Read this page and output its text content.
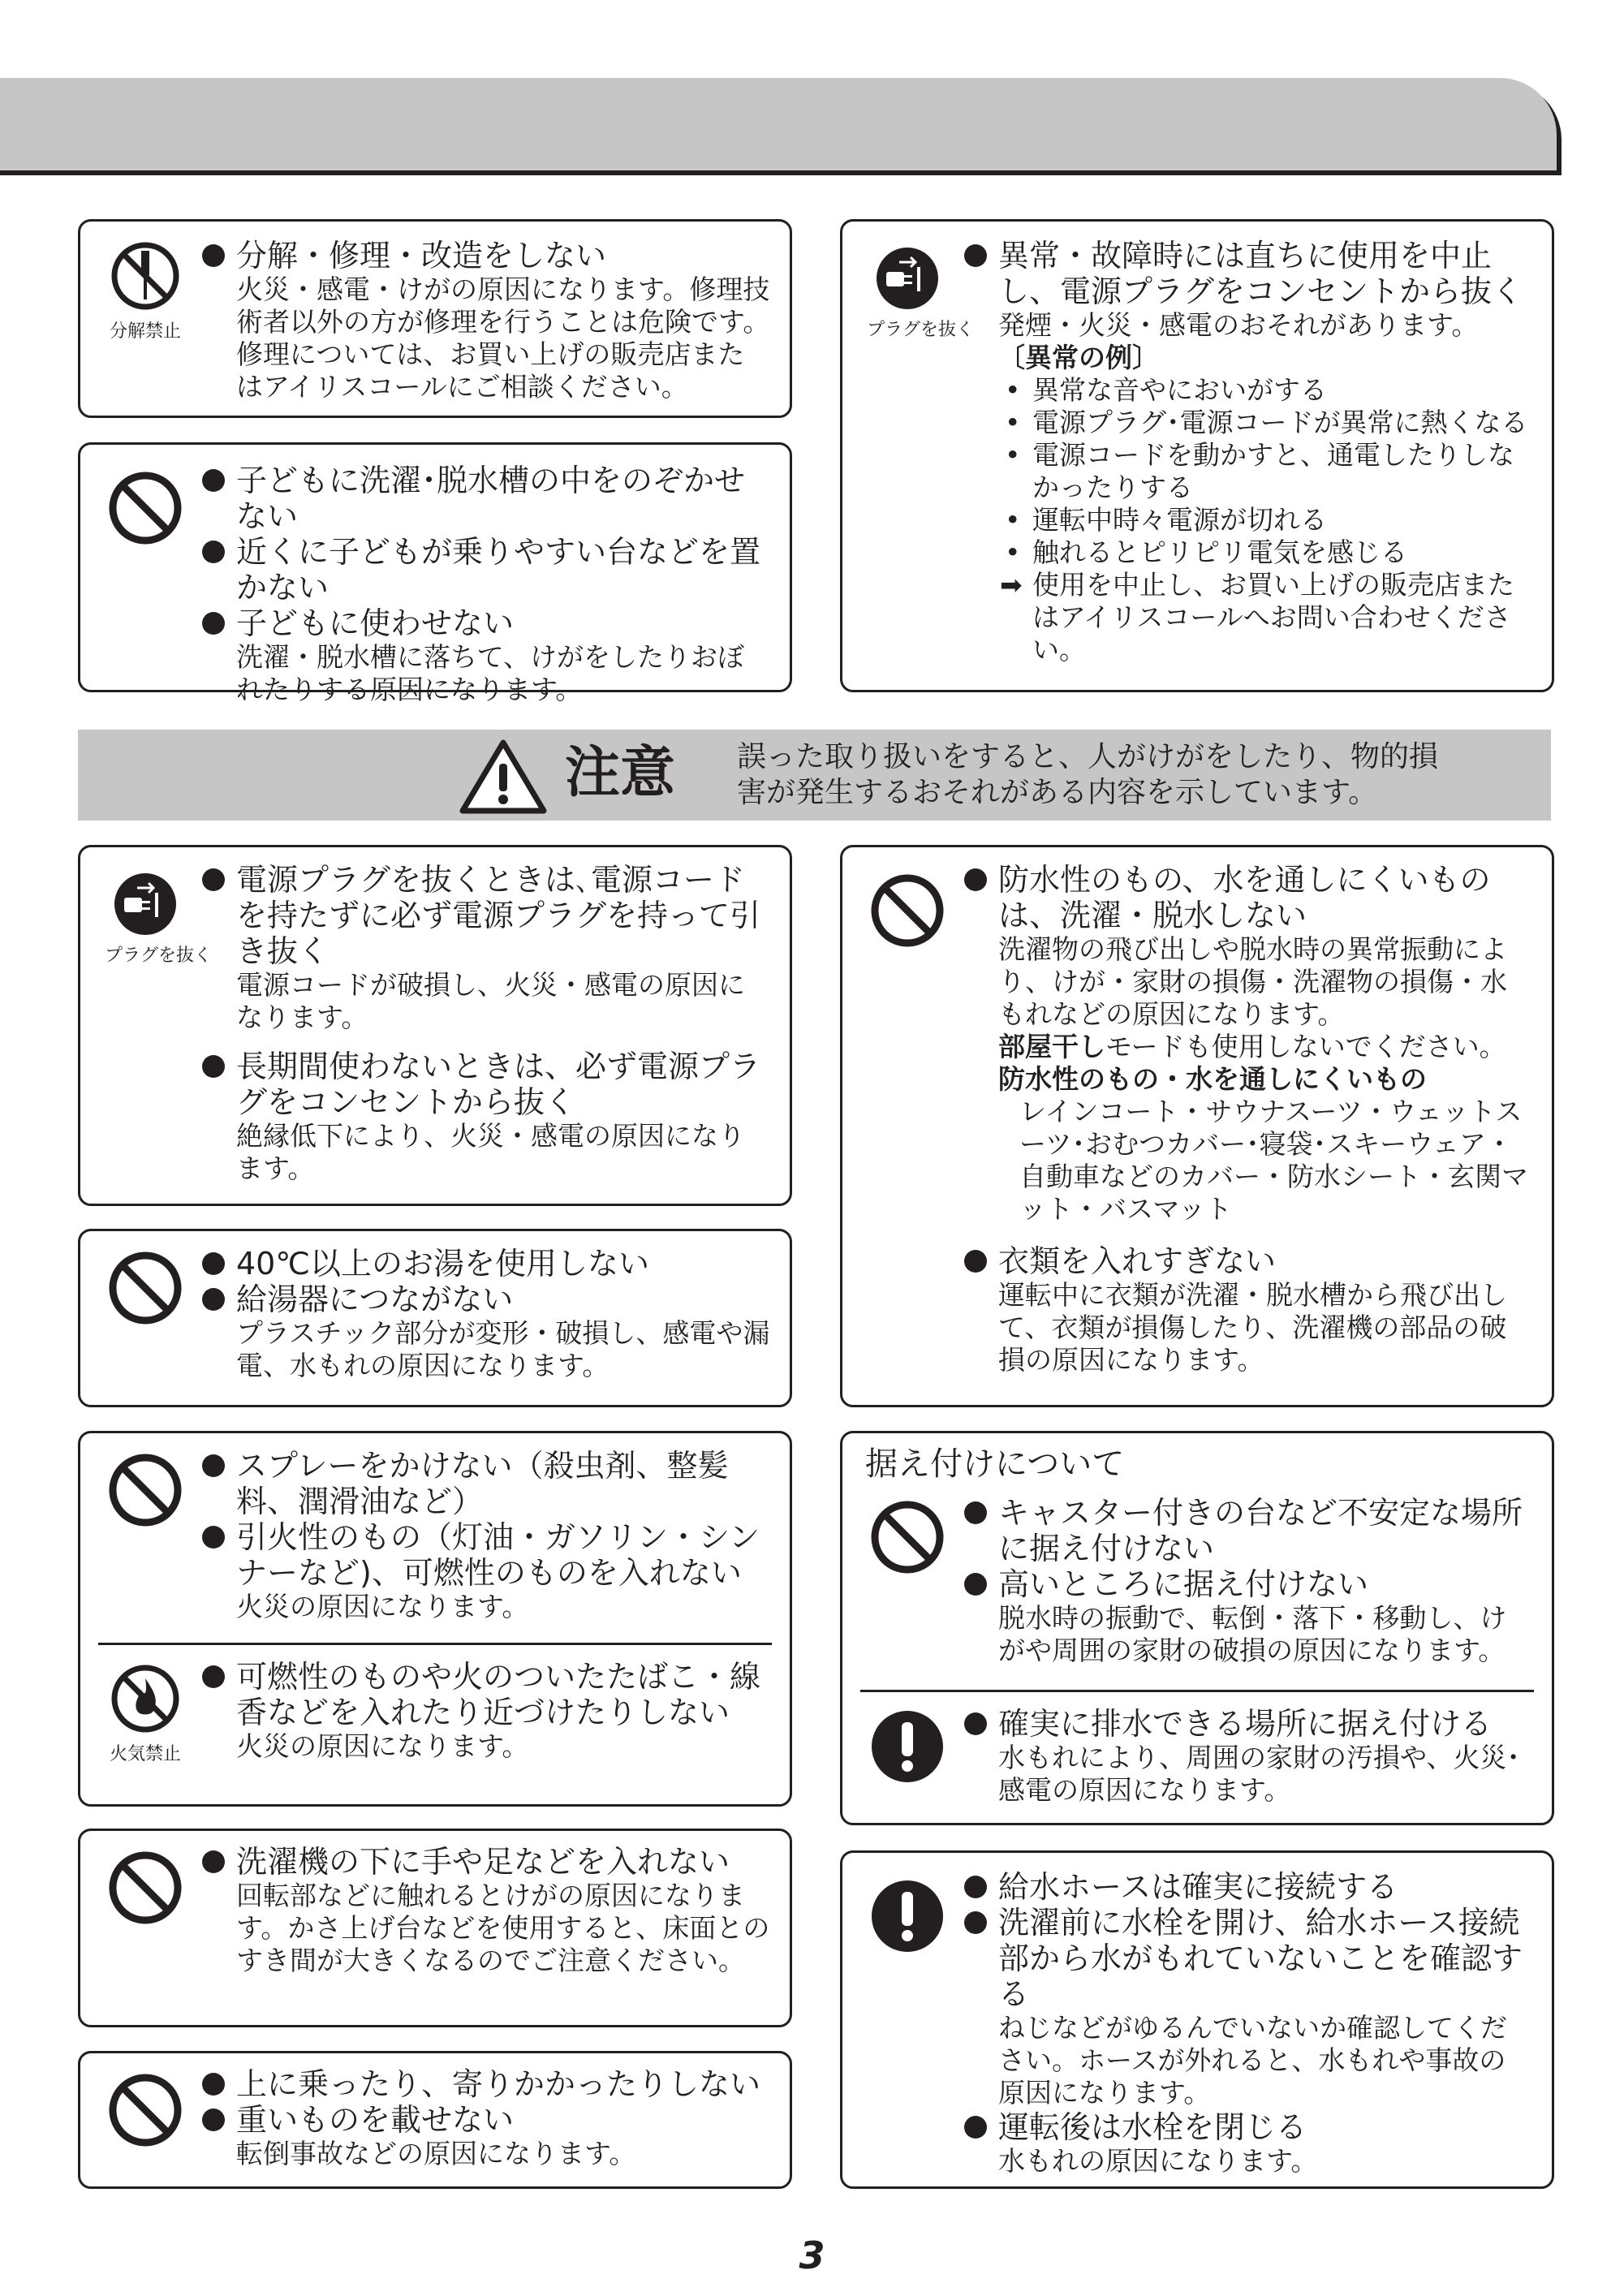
分解禁止
分解・修理・改造をしない
火災・感電・けがの原因になります。修理技術者以外の方が修理を行うことは危険です。修理については、お買い上げの販売店またはアイリスコールにご相談ください。
子どもに洗濯･脱水槽の中をのぞかせない
近くに子どもが乗りやすい台などを置かない
子どもに使わせない
洗濯・脱水槽に落ちて、けがをしたりおぼれたりする原因になります。
プラグを抜く
異常・故障時には直ちに使用を中止し、電源プラグをコンセントから抜く
発煙・火災・感電のおそれがあります。
〔異常の例〕
• 異常な音やにおいがする
• 電源プラグ･電源コードが異常に熱くなる
• 電源コードを動かすと、通電したりしなかったりする
• 運転中時々電源が切れる
• 触れるとピリピリ電気を感じる
➡ 使用を中止し、お買い上げの販売店またはアイリスコールへお問い合わせください。
注意 誤った取り扱いをすると、人がけがをしたり、物的損害が発生するおそれがある内容を示しています。
プラグを抜く
電源プラグを抜くときは､電源コードを持たずに必ず電源プラグを持って引き抜く
電源コードが破損し、火災・感電の原因になります。
長期間使わないときは、必ず電源プラグをコンセントから抜く
絶縁低下により、火災・感電の原因になります。
40℃以上のお湯を使用しない
給湯器につながない
プラスチック部分が変形・破損し、感電や漏電、水もれの原因になります。
スプレーをかけない（殺虫剤、整髪料、潤滑油など）
引火性のもの（灯油・ガソリン・シンナーなど)、可燃性のものを入れない
火災の原因になります。
火気禁止
可燃性のものや火のついたたばこ・線香などを入れたり近づけたりしない
火災の原因になります。
洗濯機の下に手や足などを入れない
回転部などに触れるとけがの原因になります。かさ上げ台などを使用すると、床面とのすき間が大きくなるのでご注意ください。
上に乗ったり、寄りかかったりしない
重いものを載せない
転倒事故などの原因になります。
防水性のもの、水を通しにくいものは、洗濯・脱水しない
洗濯物の飛び出しや脱水時の異常振動により、けが・家財の損傷・洗濯物の損傷・水もれなどの原因になります。
部屋干しモードも使用しないでください。
防水性のもの・水を通しにくいもの
レインコート・サウナスーツ・ウェットスーツ･おむつカバー･寝袋･スキーウェア・自動車などのカバー・防水シート・玄関マット・バスマット
衣類を入れすぎない
運転中に衣類が洗濯・脱水槽から飛び出して、衣類が損傷したり、洗濯機の部品の破損の原因になります。
据え付けについて
キャスター付きの台など不安定な場所に据え付けない
高いところに据え付けない
脱水時の振動で、転倒・落下・移動し、けがや周囲の家財の破損の原因になります。
確実に排水できる場所に据え付ける
水もれにより、周囲の家財の汚損や、火災･感電の原因になります。
給水ホースは確実に接続する
洗濯前に水栓を開け、給水ホース接続部から水がもれていないことを確認する
ねじなどがゆるんでいないか確認してください。ホースが外れると、水もれや事故の原因になります。
運転後は水栓を閉じる
水もれの原因になります。
3
